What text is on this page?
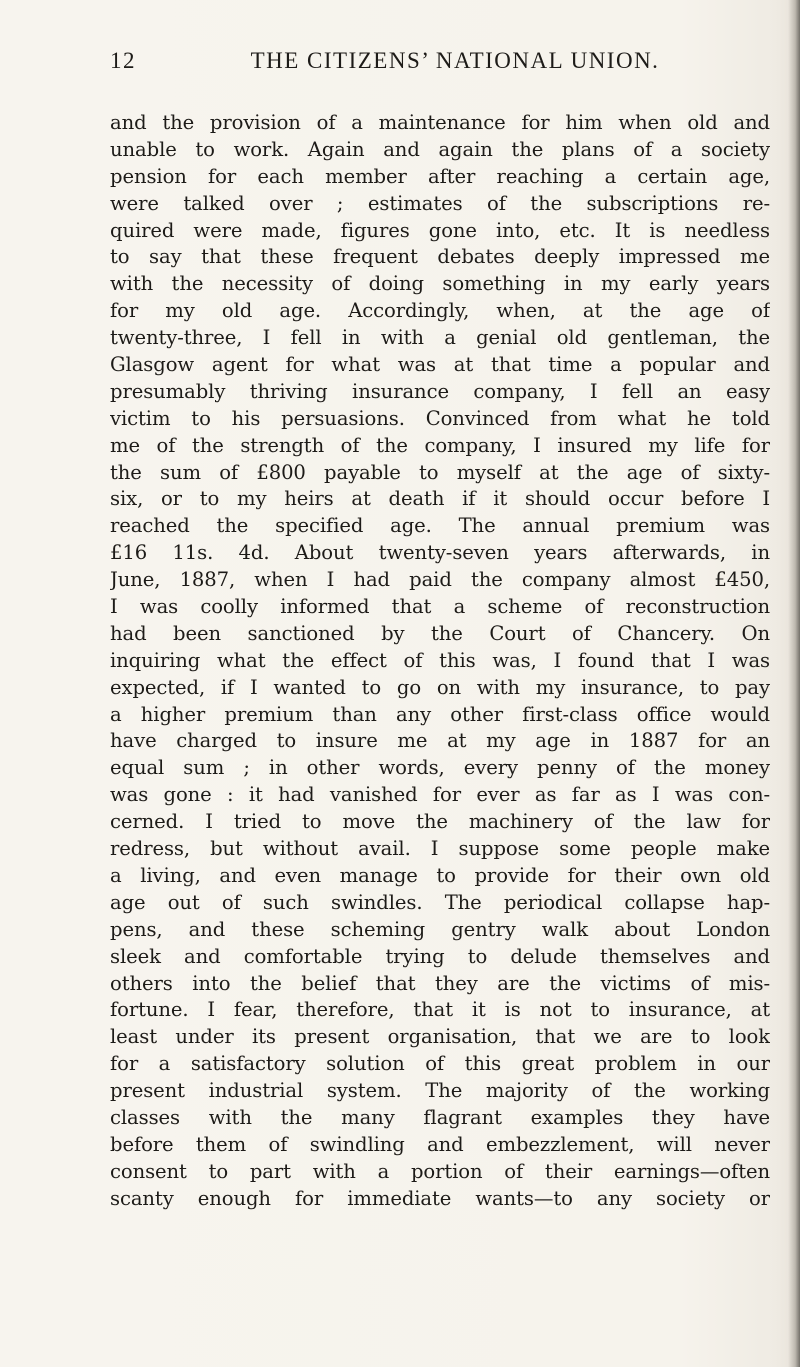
12	THE CITIZENS’ NATIONAL UNION.
and the provision of a maintenance for him when old and
unable to work. Again and again the plans of a society
pension for each member after reaching a certain age,
were talked over ; estimates of the subscriptions re-
quired were made, figures gone into, etc. It is needless
to say that these frequent debates deeply impressed me
with the necessity of doing something in my early years
for my old age. Accordingly, when, at the age of
twenty-three, I fell in with a genial old gentleman, the
Glasgow agent for what was at that time a popular and
presumably thriving insurance company, I fell an easy
victim to his persuasions. Convinced from what he told
me of the strength of the company, I insured my life for
the sum of £800 payable to myself at the age of sixty-
six, or to my heirs at death if it should occur before I
reached the specified age. The annual premium was
£16 11s. 4d. About twenty-seven years afterwards, in
June, 1887, when I had paid the company almost £450,
I was coolly informed that a scheme of reconstruction
had been sanctioned by the Court of Chancery. On
inquiring what the effect of this was, I found that I was
expected, if I wanted to go on with my insurance, to pay
a higher premium than any other first-class office would
have charged to insure me at my age in 1887 for an
equal sum ; in other words, every penny of the money
was gone : it had vanished for ever as far as I was con-
cerned. I tried to move the machinery of the law for
redress, but without avail. I suppose some people make
a living, and even manage to provide for their own old
age out of such swindles. The periodical collapse hap-
pens, and these scheming gentry walk about London
sleek and comfortable trying to delude themselves and
others into the belief that they are the victims of mis-
fortune. I fear, therefore, that it is not to insurance, at
least under its present organisation, that we are to look
for a satisfactory solution of this great problem in our
present industrial system. The majority of the working
classes with the many flagrant examples they have
before them of swindling and embezzlement, will never
consent to part with a portion of their earnings—often
scanty enough for immediate wants—to any society or
